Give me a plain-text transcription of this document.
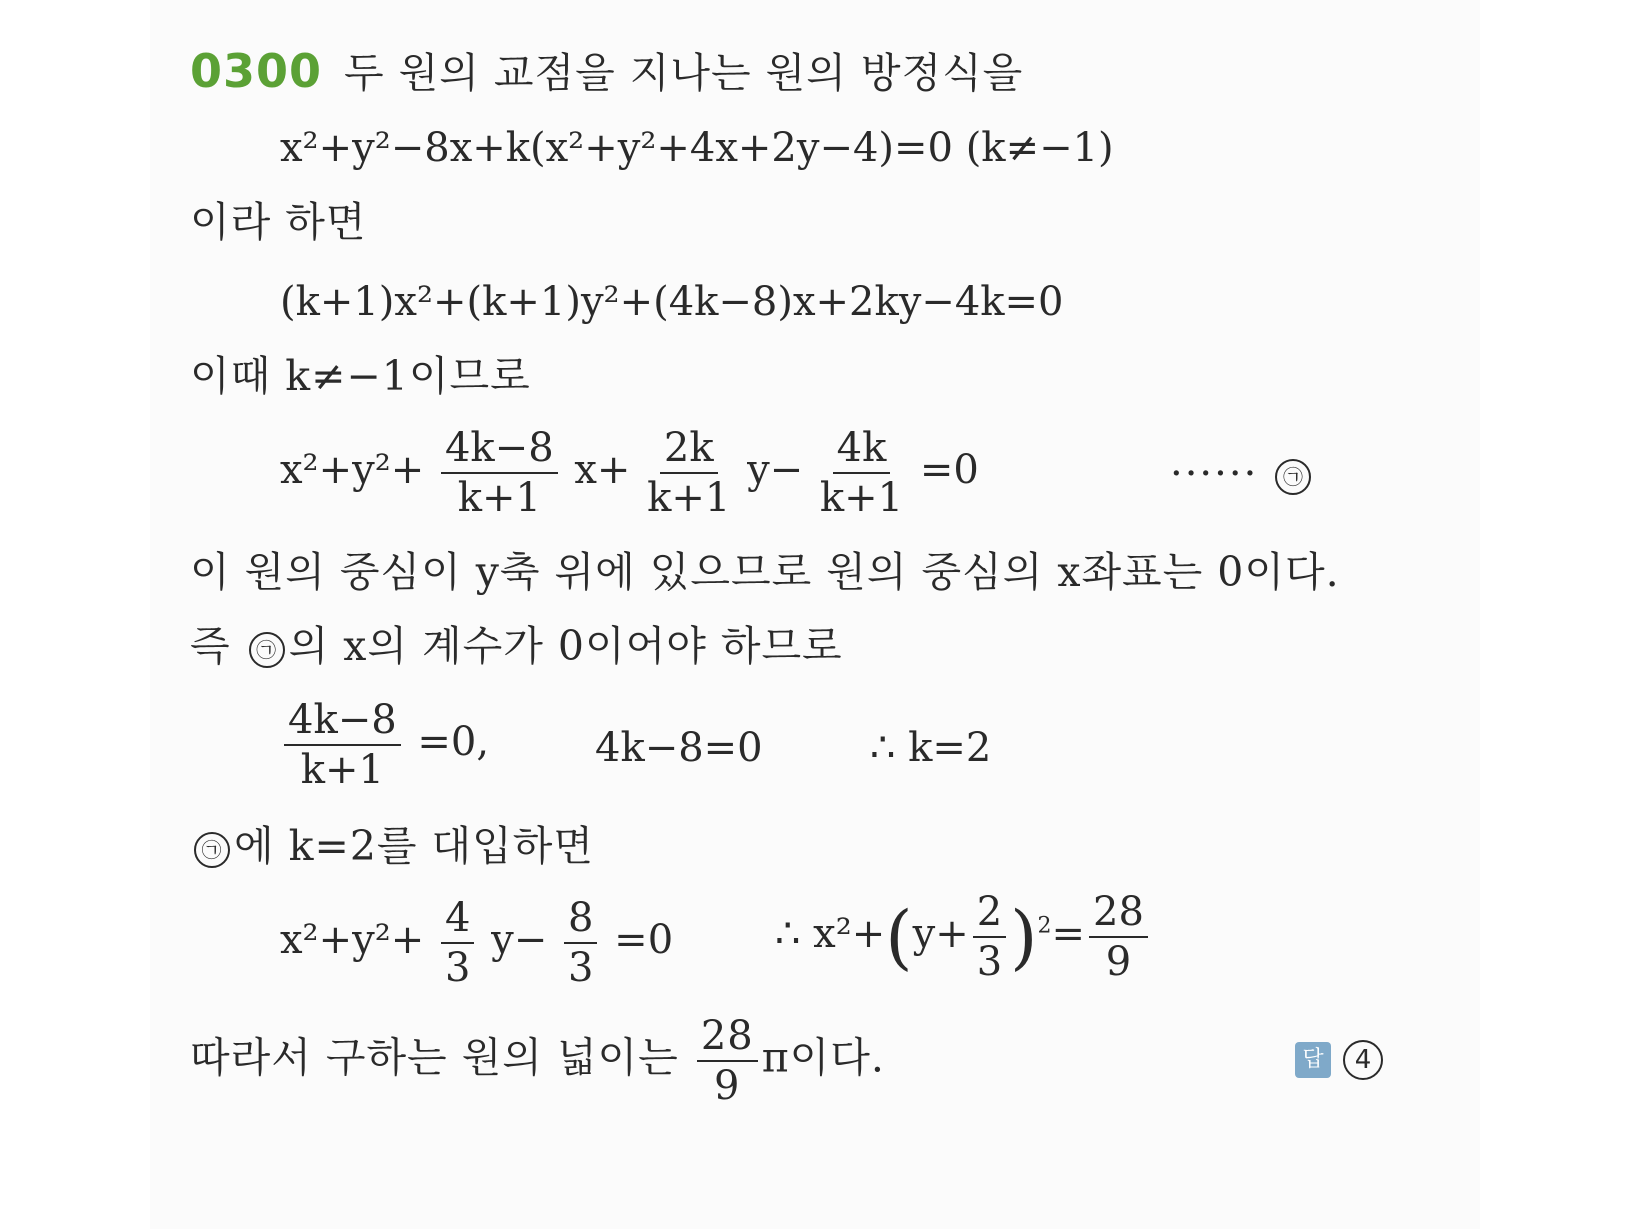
0300 두 원의 교점을 지나는 원의 방정식을
x²+y²−8x+k(x²+y²+4x+2y−4)=0 (k≠−1)
이라 하면
(k+1)x²+(k+1)y²+(4k−8)x+2ky−4k=0
이때 k≠−1이므로
$x^2+y^2+ \frac{4k-8}{k+1} x+ \frac{2k}{k+1} y- \frac{4k}{k+1} =0$	······ ㉠
이 원의 중심이 y축 위에 있으므로 원의 중심의 x좌표는 0이다.
즉 ㉠ 의 x의 계수가 0이어야 하므로
$\frac{4k-8}{k+1} =0$,	4k−8=0	∴ k=2
㉠ 에 k=2를 대입하면
$x^2+y^2+ \frac{4}{3} y- \frac{8}{3} =0$	∴ $x^2+(y+ \frac{2}{3} )^2= \frac{28}{9}$
따라서 구하는 원의 넓이는 $\frac{28}{9}$ π이다.	답 4
